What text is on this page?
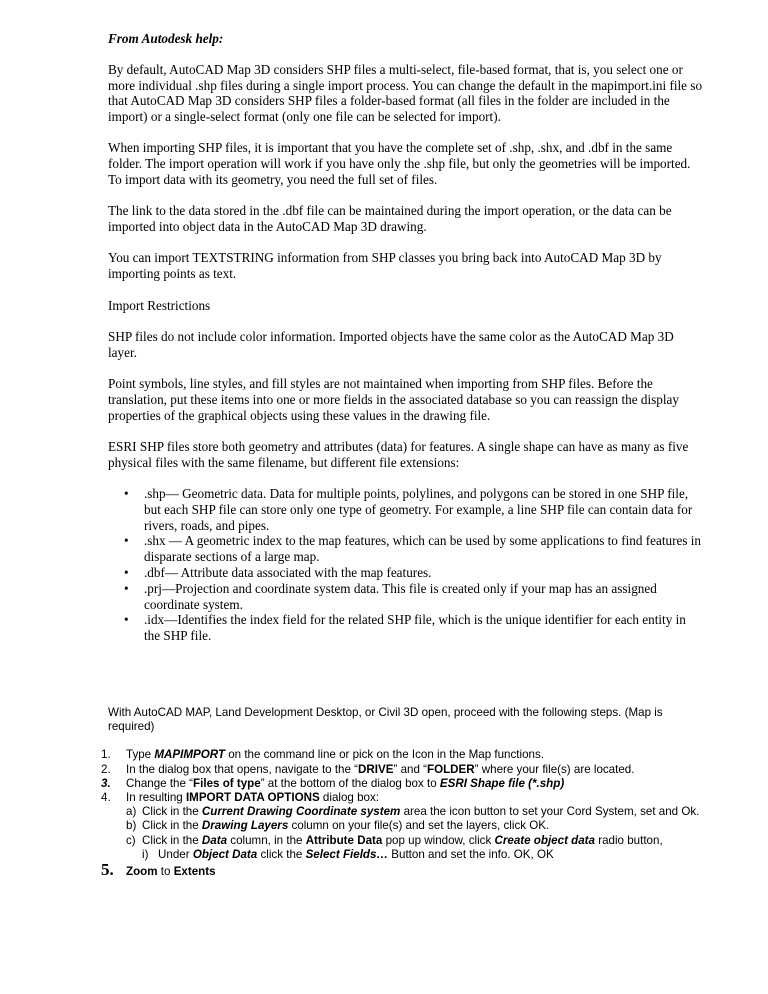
From Autodesk help:

By default, AutoCAD Map 3D considers SHP files a multi-select, file-based format, that is, you select one or more individual .shp files during a single import process. You can change the default in the mapimport.ini file so that AutoCAD Map 3D considers SHP files a folder-based format (all files in the folder are included in the import) or a single-select format (only one file can be selected for import).

When importing SHP files, it is important that you have the complete set of .shp, .shx, and .dbf in the same folder. The import operation will work if you have only the .shp file, but only the geometries will be imported. To import data with its geometry, you need the full set of files.

The link to the data stored in the .dbf file can be maintained during the import operation, or the data can be imported into object data in the AutoCAD Map 3D drawing.

You can import TEXTSTRING information from SHP classes you bring back into AutoCAD Map 3D by importing points as text.

Import Restrictions

SHP files do not include color information. Imported objects have the same color as the AutoCAD Map 3D layer.

Point symbols, line styles, and fill styles are not maintained when importing from SHP files. Before the translation, put these items into one or more fields in the associated database so you can reassign the display properties of the graphical objects using these values in the drawing file.

ESRI SHP files store both geometry and attributes (data) for features. A single shape can have as many as five physical files with the same filename, but different file extensions:

• .shp— Geometric data. Data for multiple points, polylines, and polygons can be stored in one SHP file, but each SHP file can store only one type of geometry. For example, a line SHP file can contain data for rivers, roads, and pipes.
• .shx — A geometric index to the map features, which can be used by some applications to find features in disparate sections of a large map.
• .dbf— Attribute data associated with the map features.
• .prj—Projection and coordinate system data. This file is created only if your map has an assigned coordinate system.
• .idx—Identifies the index field for the related SHP file, which is the unique identifier for each entity in the SHP file.

With AutoCAD MAP, Land Development Desktop, or Civil 3D open, proceed with the following steps. (Map is required)

1. Type MAPIMPORT on the command line or pick on the Icon in the Map functions.
2. In the dialog box that opens, navigate to the “DRIVE” and “FOLDER” where your file(s) are located.
3. Change the “Files of type” at the bottom of the dialog box to ESRI Shape file (*.shp)
4. In resulting IMPORT DATA OPTIONS dialog box:
a) Click in the Current Drawing Coordinate system area the icon button to set your Cord System, set and Ok.
b) Click in the Drawing Layers column on your file(s) and set the layers, click OK.
c) Click in the Data column, in the Attribute Data pop up window, click Create object data radio button,
i) Under Object Data click the Select Fields… Button and set the info. OK, OK
5. Zoom to Extents
